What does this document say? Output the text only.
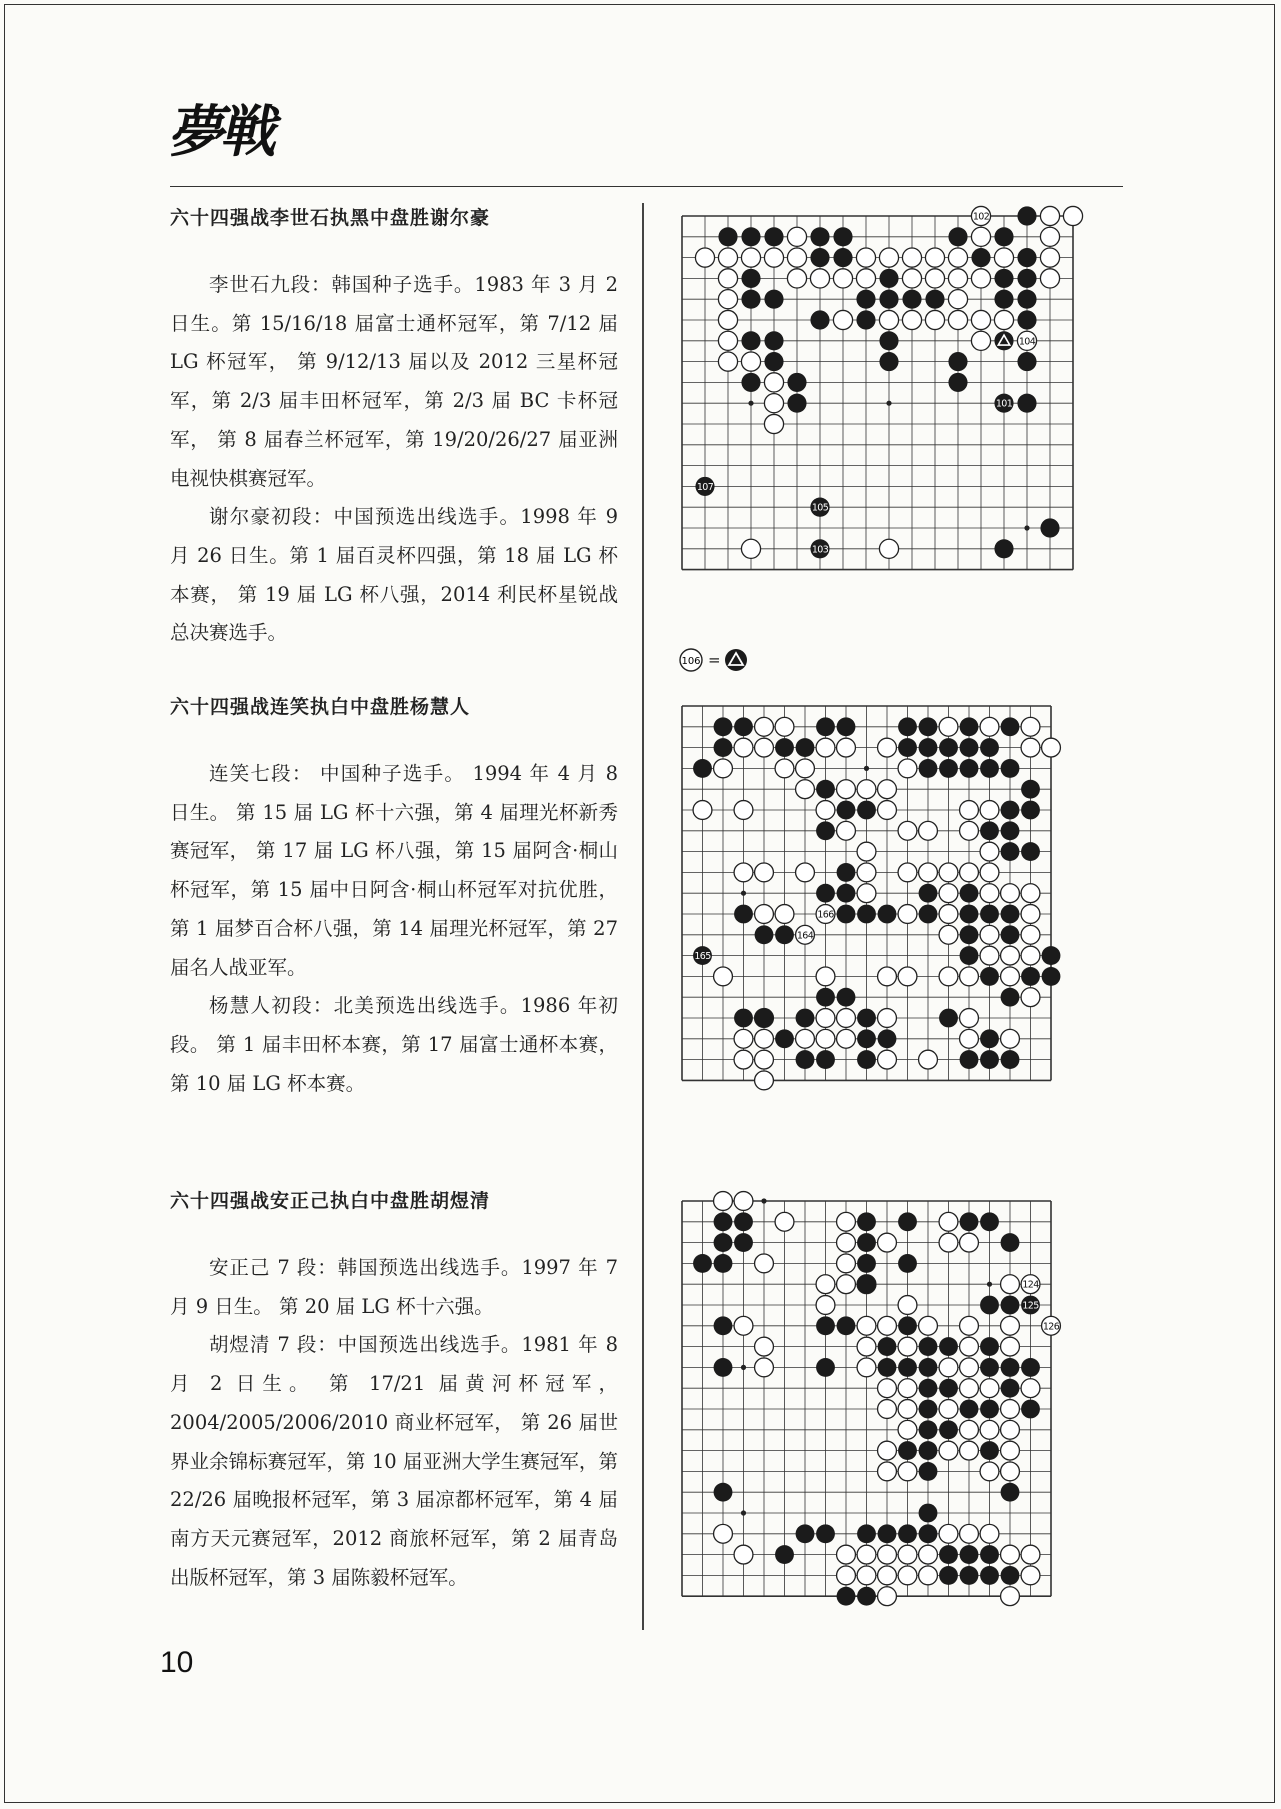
夢戦
六十四强战李世石执黑中盘胜谢尔豪

李世石九段：韩国种子选手。1983 年 3 月 2 日生。第 15/16/18 届富士通杯冠军，第 7/12 届 LG 杯冠军， 第 9/12/13 届以及 2012 三星杯冠军，第 2/3 届丰田杯冠军，第 2/3 届 BC 卡杯冠军， 第 8 届春兰杯冠军，第 19/20/26/27 届亚洲电视快棋赛冠军。

谢尔豪初段：中国预选出线选手。1998 年 9 月 26 日生。第 1 届百灵杯四强，第 18 届 LG 杯本赛， 第 19 届 LG 杯八强，2014 利民杯星锐战总决赛选手。

六十四强战连笑执白中盘胜杨慧人

连笑七段： 中国种子选手。 1994 年 4 月 8 日生。 第 15 届 LG 杯十六强，第 4 届理光杯新秀赛冠军， 第 17 届 LG 杯八强，第 15 届阿含·桐山杯冠军，第 15 届中日阿含·桐山杯冠军对抗优胜， 第 1 届梦百合杯八强，第 14 届理光杯冠军，第 27 届名人战亚军。

杨慧人初段：北美预选出线选手。1986 年初段。 第 1 届丰田杯本赛，第 17 届富士通杯本赛，第 10 届 LG 杯本赛。

六十四强战安正己执白中盘胜胡煜清

安正己 7 段：韩国预选出线选手。1997 年 7 月 9 日生。 第 20 届 LG 杯十六强。

胡煜清 7 段：中国预选出线选手。1981 年 8 月 2 日生。 第 17/21 届黄河杯冠军， 2004/2005/2006/2010 商业杯冠军， 第 26 届世界业余锦标赛冠军，第 10 届亚洲大学生赛冠军，第 22/26 届晚报杯冠军，第 3 届凉都杯冠军，第 4 届南方天元赛冠军，2012 商旅杯冠军，第 2 届青岛出版杯冠军，第 3 届陈毅杯冠军。

102
104
101
107
105
103
106 =
166
164
165
124
125
126
10
